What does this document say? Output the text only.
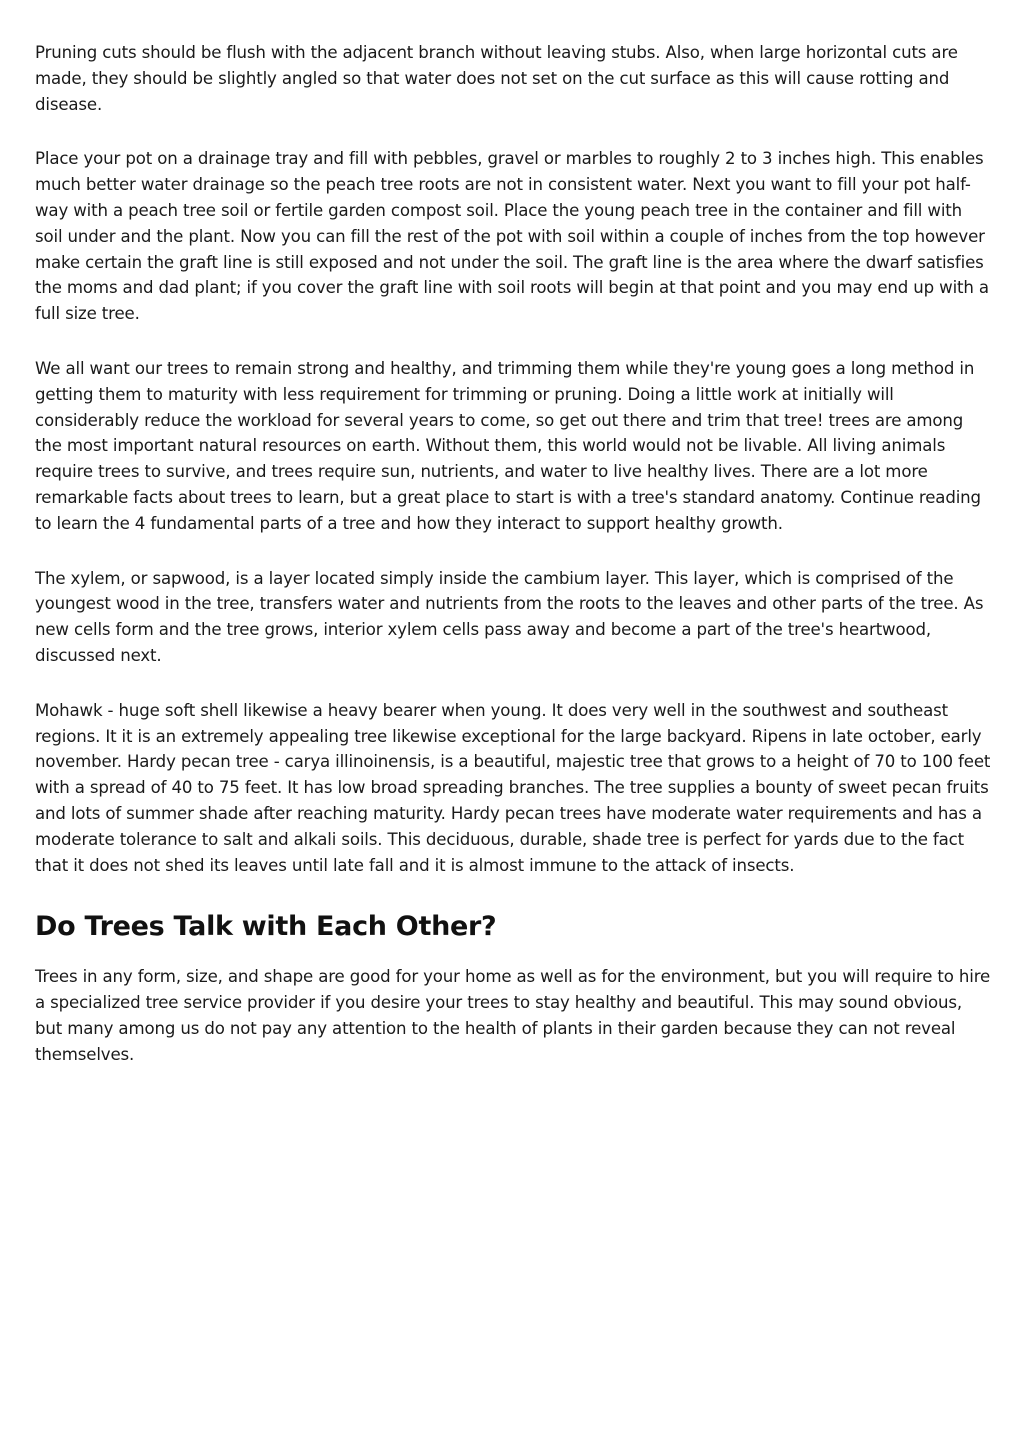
Pruning cuts should be flush with the adjacent branch without leaving stubs. Also, when large horizontal cuts are made, they should be slightly angled so that water does not set on the cut surface as this will cause rotting and disease.

Place your pot on a drainage tray and fill with pebbles, gravel or marbles to roughly 2 to 3 inches high. This enables much better water drainage so the peach tree roots are not in consistent water. Next you want to fill your pot half-way with a peach tree soil or fertile garden compost soil. Place the young peach tree in the container and fill with soil under and the plant. Now you can fill the rest of the pot with soil within a couple of inches from the top however make certain the graft line is still exposed and not under the soil. The graft line is the area where the dwarf satisfies the moms and dad plant; if you cover the graft line with soil roots will begin at that point and you may end up with a full size tree.

We all want our trees to remain strong and healthy, and trimming them while they're young goes a long method in getting them to maturity with less requirement for trimming or pruning. Doing a little work at initially will considerably reduce the workload for several years to come, so get out there and trim that tree! trees are among the most important natural resources on earth. Without them, this world would not be livable. All living animals require trees to survive, and trees require sun, nutrients, and water to live healthy lives. There are a lot more remarkable facts about trees to learn, but a great place to start is with a tree's standard anatomy. Continue reading to learn the 4 fundamental parts of a tree and how they interact to support healthy growth.

The xylem, or sapwood, is a layer located simply inside the cambium layer. This layer, which is comprised of the youngest wood in the tree, transfers water and nutrients from the roots to the leaves and other parts of the tree. As new cells form and the tree grows, interior xylem cells pass away and become a part of the tree's heartwood, discussed next.

Mohawk - huge soft shell likewise a heavy bearer when young. It does very well in the southwest and southeast regions. It it is an extremely appealing tree likewise exceptional for the large backyard. Ripens in late october, early november. Hardy pecan tree - carya illinoinensis, is a beautiful, majestic tree that grows to a height of 70 to 100 feet with a spread of 40 to 75 feet. It has low broad spreading branches. The tree supplies a bounty of sweet pecan fruits and lots of summer shade after reaching maturity. Hardy pecan trees have moderate water requirements and has a moderate tolerance to salt and alkali soils. This deciduous, durable, shade tree is perfect for yards due to the fact that it does not shed its leaves until late fall and it is almost immune to the attack of insects.

Do Trees Talk with Each Other?

Trees in any form, size, and shape are good for your home as well as for the environment, but you will require to hire a specialized tree service provider if you desire your trees to stay healthy and beautiful. This may sound obvious, but many among us do not pay any attention to the health of plants in their garden because they can not reveal themselves.
